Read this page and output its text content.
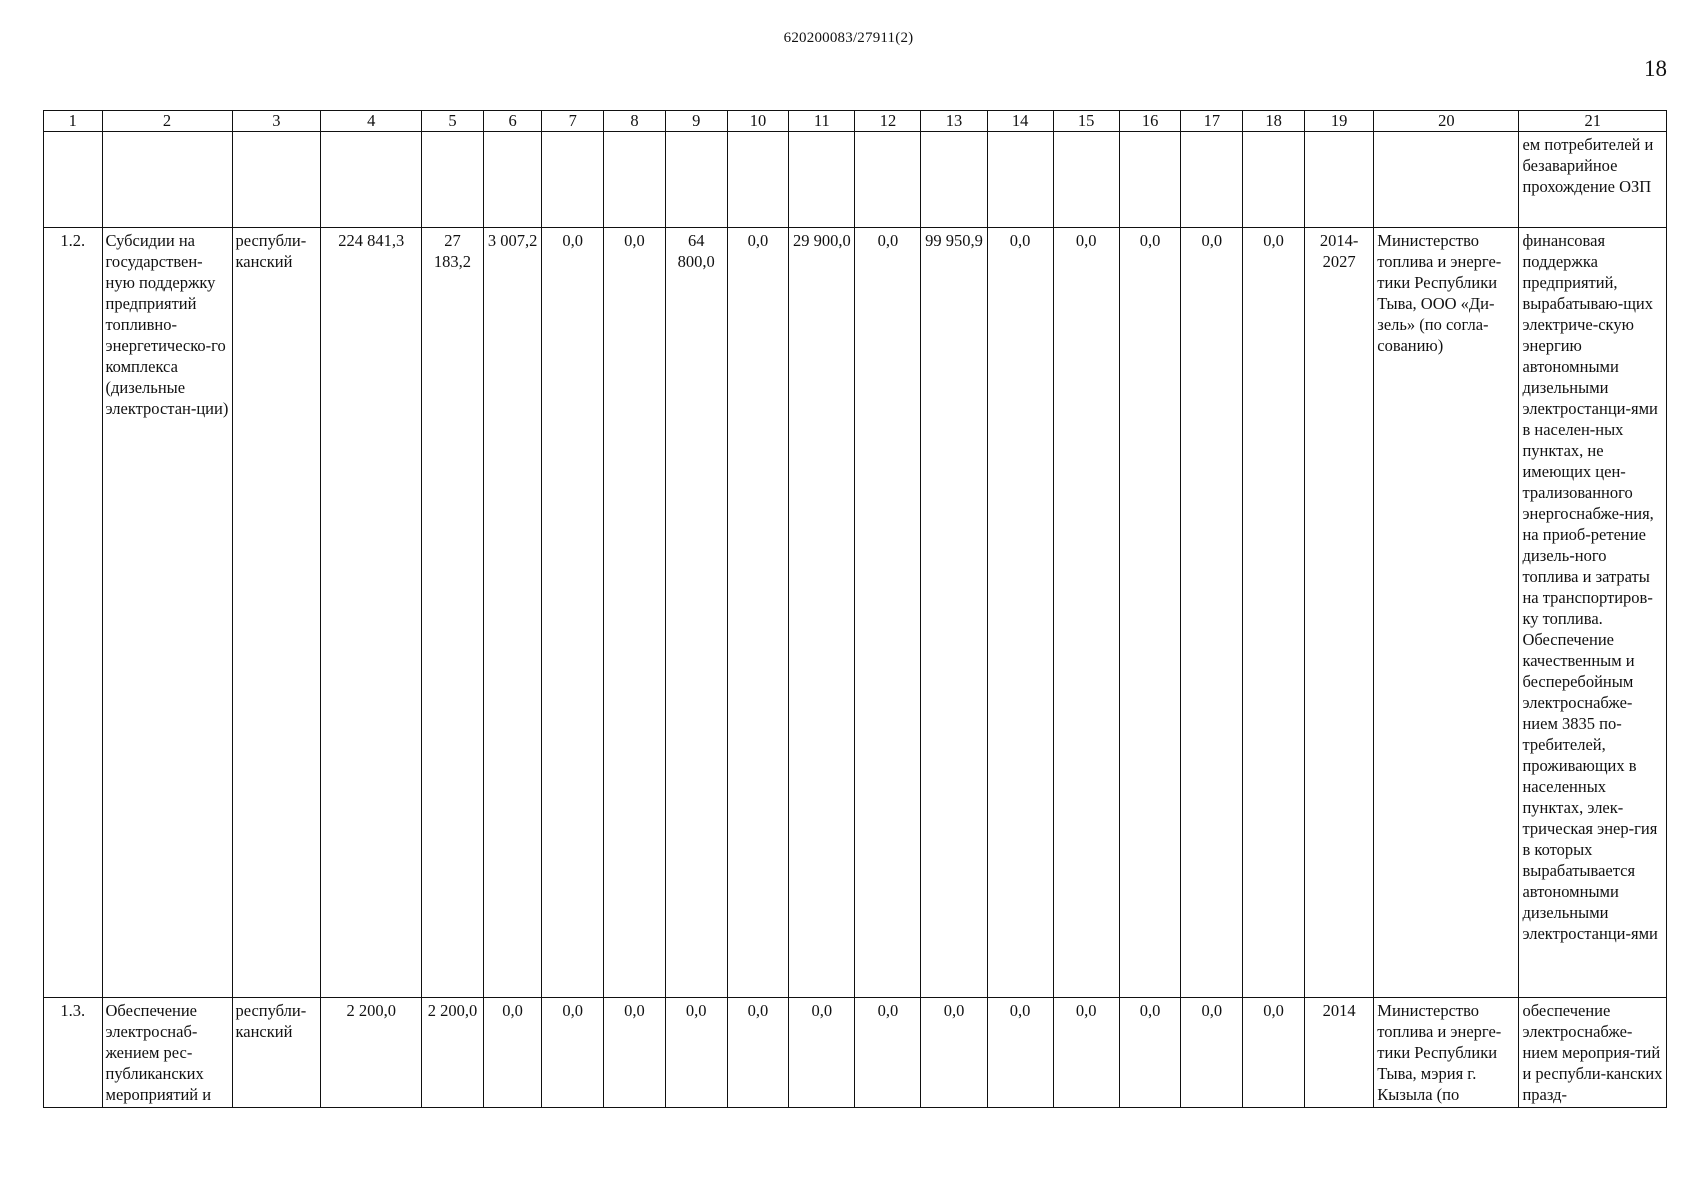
620200083/27911(2)
18
1	2	3	4	5	6	7	8	9	10	11	12	13	14	15	16	17	18	19	20	21
																				ем потребителей и безаварийное прохождение ОЗП
1.2.	Субсидии на государствен-ную поддержку предприятий топливно-энергетическо-го комплекса (дизельные электростан-ции)	республи-канский	224 841,3	27 183,2	3 007,2	0,0	0,0	64 800,0	0,0	29 900,0	0,0	99 950,9	0,0	0,0	0,0	0,0	0,0	2014-2027	Министерство топлива и энерге-тики Республики Тыва, ООО «Ди-зель» (по согла-сованию)	финансовая поддержка предприятий, вырабатываю-щих электриче-скую энергию автономными дизельными электростанци-ями в населен-ных пунктах, не имеющих цен-трализованного энергоснабже-ния, на приоб-ретение дизель-ного топлива и затраты на транспортиров-ку топлива. Обеспечение качественным и бесперебойным электроснабже-нием 3835 по-требителей, проживающих в населенных пунктах, элек-трическая энер-гия в которых вырабатывается автономными дизельными электростанци-ями
1.3.	Обеспечение электроснаб-жением рес-публиканских мероприятий и	республи-канский	2 200,0	2 200,0	0,0	0,0	0,0	0,0	0,0	0,0	0,0	0,0	0,0	0,0	0,0	0,0	0,0	2014	Министерство топлива и энерге-тики Республики Тыва, мэрия г. Кызыла (по	обеспечение электроснабже-нием мероприя-тий и республи-канских празд-
